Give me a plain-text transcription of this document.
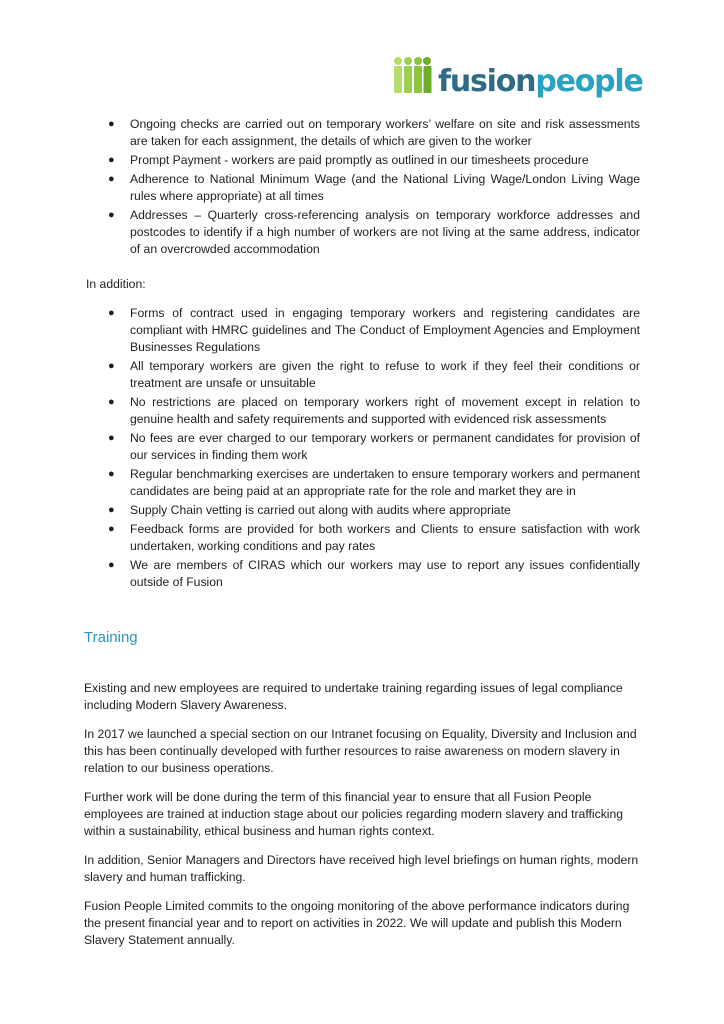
fusionpeople
● Ongoing checks are carried out on temporary workers’ welfare on site and risk assessments are taken for each assignment, the details of which are given to the worker
● Prompt Payment - workers are paid promptly as outlined in our timesheets procedure
● Adherence to National Minimum Wage (and the National Living Wage/London Living Wage rules where appropriate) at all times
● Addresses – Quarterly cross-referencing analysis on temporary workforce addresses and postcodes to identify if a high number of workers are not living at the same address, indicator of an overcrowded accommodation
In addition:
● Forms of contract used in engaging temporary workers and registering candidates are compliant with HMRC guidelines and The Conduct of Employment Agencies and Employment Businesses Regulations
● All temporary workers are given the right to refuse to work if they feel their conditions or treatment are unsafe or unsuitable
● No restrictions are placed on temporary workers right of movement except in relation to genuine health and safety requirements and supported with evidenced risk assessments
● No fees are ever charged to our temporary workers or permanent candidates for provision of our services in finding them work
● Regular benchmarking exercises are undertaken to ensure temporary workers and permanent candidates are being paid at an appropriate rate for the role and market they are in
● Supply Chain vetting is carried out along with audits where appropriate
● Feedback forms are provided for both workers and Clients to ensure satisfaction with work undertaken, working conditions and pay rates
● We are members of CIRAS which our workers may use to report any issues confidentially outside of Fusion
Training

Existing and new employees are required to undertake training regarding issues of legal compliance including Modern Slavery Awareness.

In 2017 we launched a special section on our Intranet focusing on Equality, Diversity and Inclusion and this has been continually developed with further resources to raise awareness on modern slavery in relation to our business operations.

Further work will be done during the term of this financial year to ensure that all Fusion People employees are trained at induction stage about our policies regarding modern slavery and trafficking within a sustainability, ethical business and human rights context.

In addition, Senior Managers and Directors have received high level briefings on human rights, modern slavery and human trafficking.

Fusion People Limited commits to the ongoing monitoring of the above performance indicators during the present financial year and to report on activities in 2022. We will update and publish this Modern Slavery Statement annually.
